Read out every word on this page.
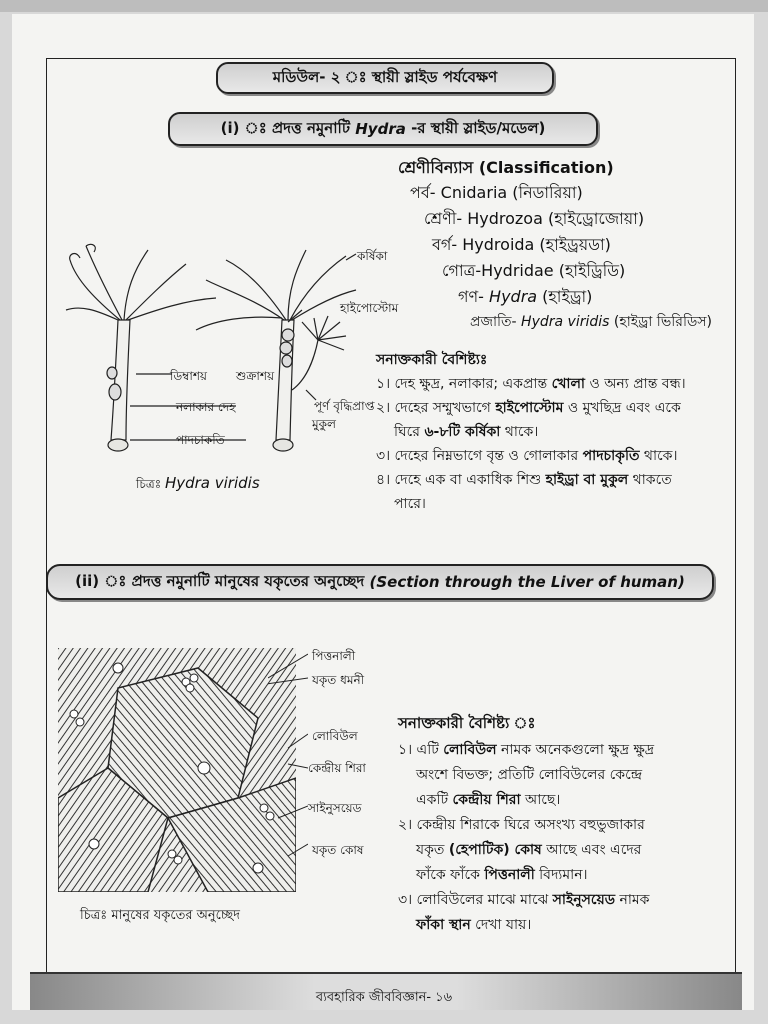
মডিউল- ২ ঃ স্থায়ী স্লাইড পর্যবেক্ষণ
(i) ঃ প্রদত্ত নমুনাটি Hydra -র স্থায়ী স্লাইড/মডেল)
শ্রেণীবিন্যাস (Classification)
পর্ব- Cnidaria (নিডারিয়া)
শ্রেণী- Hydrozoa (হাইড্রোজোয়া)
বর্গ- Hydroida (হাইড্রয়ডা)
গোত্র-Hydridae (হাইড্রিডি)
গণ- Hydra (হাইড্রা)
প্রজাতি- Hydra viridis (হাইড্রা ভিরিডিস)
কর্ষিকা
হাইপোস্টোম
ডিম্বাশয় শুক্রাশয়
নলাকার দেহ	পূর্ণ বৃদ্ধিপ্রাপ্ত
মুকুল
পাদচাকতি
চিত্রঃ Hydra viridis
সনাক্তকারী বৈশিষ্ট্যঃ
১। দেহ ক্ষুদ্র, নলাকার; একপ্রান্ত খোলা ও অন্য প্রান্ত বন্ধ।
২। দেহের সম্মুখভাগে হাইপোস্টোম ও মুখছিদ্র এবং একে
ঘিরে ৬-৮টি কর্ষিকা থাকে।
৩। দেহের নিম্নভাগে বৃন্ত ও গোলাকার পাদচাকৃতি থাকে।
৪। দেহে এক বা একাধিক শিশু হাইড্রা বা মুকুল থাকতে
পারে।
(ii) ঃ প্রদত্ত নমুনাটি মানুষের যকৃতের অনুচ্ছেদ (Section through the Liver of human)
পিত্তনালী
যকৃত ধমনী
লোবিউল
কেন্দ্রীয় শিরা
সাইনুসয়েড
যকৃত কোষ
চিত্রঃ মানুষের যকৃতের অনুচ্ছেদ
সনাক্তকারী বৈশিষ্ট্য ঃ
১। এটি লোবিউল নামক অনেকগুলো ক্ষুদ্র ক্ষুদ্র
অংশে বিভক্ত; প্রতিটি লোবিউলের কেন্দ্রে
একটি কেন্দ্রীয় শিরা আছে।
২। কেন্দ্রীয় শিরাকে ঘিরে অসংখ্য বহুভুজাকার
যকৃত (হেপাটিক) কোষ আছে এবং এদের
ফাঁকে ফাঁকে পিত্তনালী বিদ্যমান।
৩। লোবিউলের মাঝে মাঝে সাইনুসয়েড নামক
ফাঁকা স্থান দেখা যায়।
ব্যবহারিক জীববিজ্ঞান- ১৬
